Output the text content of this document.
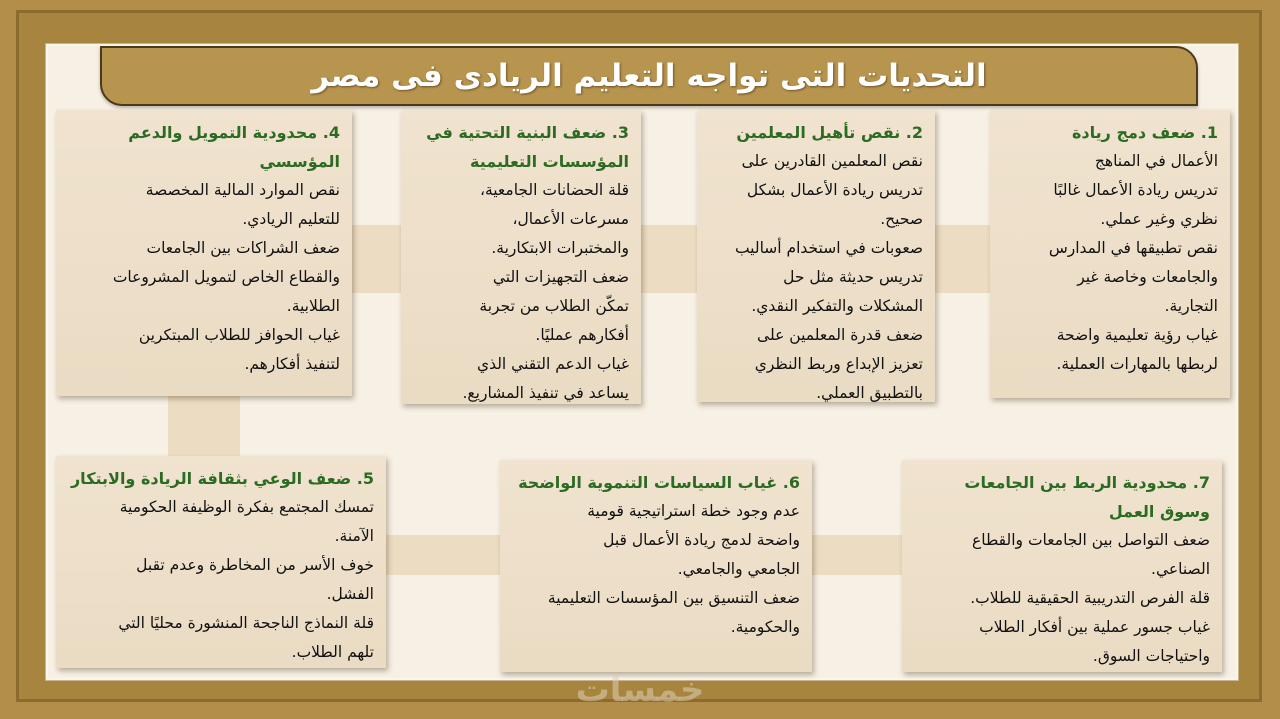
التحديات التى تواجه التعليم الريادى فى مصر
1. ضعف دمج ريادة
الأعمال في المناهج
تدريس ريادة الأعمال غالبًا
نظري وغير عملي.
نقص تطبيقها في المدارس
والجامعات وخاصة غير
التجارية.
غياب رؤية تعليمية واضحة
لربطها بالمهارات العملية.
2. نقص تأهيل المعلمين
نقص المعلمين القادرين على
تدريس ريادة الأعمال بشكل
صحيح.
صعوبات في استخدام أساليب
تدريس حديثة مثل حل
المشكلات والتفكير النقدي.
ضعف قدرة المعلمين على
تعزيز الإبداع وربط النظري
بالتطبيق العملي.
3. ضعف البنية التحتية في المؤسسات التعليمية
قلة الحضانات الجامعية،
مسرعات الأعمال،
والمختبرات الابتكارية.
ضعف التجهيزات التي
تمكّن الطلاب من تجربة
أفكارهم عمليًا.
غياب الدعم التقني الذي
يساعد في تنفيذ المشاريع.
4. محدودية التمويل والدعم المؤسسي
نقص الموارد المالية المخصصة
للتعليم الريادي.
ضعف الشراكات بين الجامعات
والقطاع الخاص لتمويل المشروعات
الطلابية.
غياب الحوافز للطلاب المبتكرين
لتنفيذ أفكارهم.
5. ضعف الوعي بثقافة الريادة والابتكار
تمسك المجتمع بفكرة الوظيفة الحكومية
الآمنة.
خوف الأسر من المخاطرة وعدم تقبل
الفشل.
قلة النماذج الناجحة المنشورة محليًا التي
تلهم الطلاب.
6. غياب السياسات التنموية الواضحة
عدم وجود خطة استراتيجية قومية
واضحة لدمج ريادة الأعمال قبل
الجامعي والجامعي.
ضعف التنسيق بين المؤسسات التعليمية
والحكومية.
7. محدودية الربط بين الجامعات وسوق العمل
ضعف التواصل بين الجامعات والقطاع
الصناعي.
قلة الفرص التدريبية الحقيقية للطلاب.
غياب جسور عملية بين أفكار الطلاب
واحتياجات السوق.
خمسات
